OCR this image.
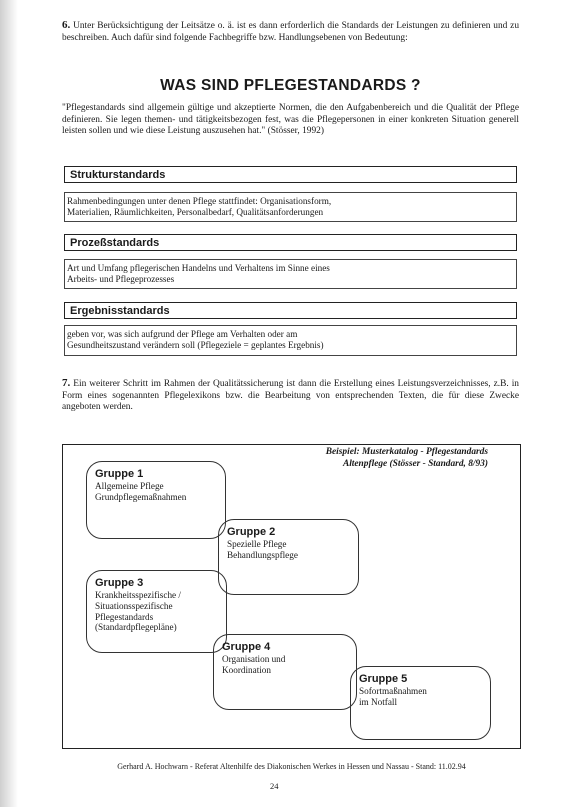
6. Unter Berücksichtigung der Leitsätze o. ä. ist es dann erforderlich die Standards der Leistungen zu definieren und zu beschreiben. Auch dafür sind folgende Fachbegriffe bzw. Handlungsebenen von Bedeutung:
WAS SIND PFLEGESTANDARDS ?
"Pflegestandards sind allgemein gültige und akzeptierte Normen, die den Aufgabenbereich und die Qualität der Pflege definieren. Sie legen themen- und tätigkeitsbezogen fest, was die Pflegepersonen in einer konkreten Situation generell leisten sollen und wie diese Leistung auszusehen hat." (Stösser, 1992)
Strukturstandards
Rahmenbedingungen unter denen Pflege stattfindet: Organisationsform,
Materialien, Räumlichkeiten, Personalbedarf, Qualitätsanforderungen
Prozeßstandards
Art und Umfang pflegerischen Handelns und Verhaltens im Sinne eines
Arbeits- und Pflegeprozesses
Ergebnisstandards
geben vor, was sich aufgrund der Pflege am Verhalten oder am
Gesundheitszustand verändern soll (Pflegeziele = geplantes Ergebnis)
7. Ein weiterer Schritt im Rahmen der Qualitätssicherung ist dann die Erstellung eines Leistungsverzeichnisses, z.B. in Form eines sogenannten Pflegelexikons bzw. die Bearbeitung von entsprechenden Texten, die für diese Zwecke angeboten werden.
Beispiel: Musterkatalog - Pflegestandards
Altenpflege (Stösser - Standard, 8/93)
Gruppe 1
Allgemeine Pflege
Grundpflegemaßnahmen
Gruppe 2
Spezielle Pflege
Behandlungspflege
Gruppe 3
Krankheitsspezifische /
Situationsspezifische
Pflegestandards
(Standardpflegepläne)
Gruppe 4
Organisation und
Koordination
Gruppe 5
Sofortmaßnahmen
im Notfall
Gerhard A. Hochwarn - Referat Altenhilfe des Diakonischen Werkes in Hessen und Nassau - Stand: 11.02.94
24
